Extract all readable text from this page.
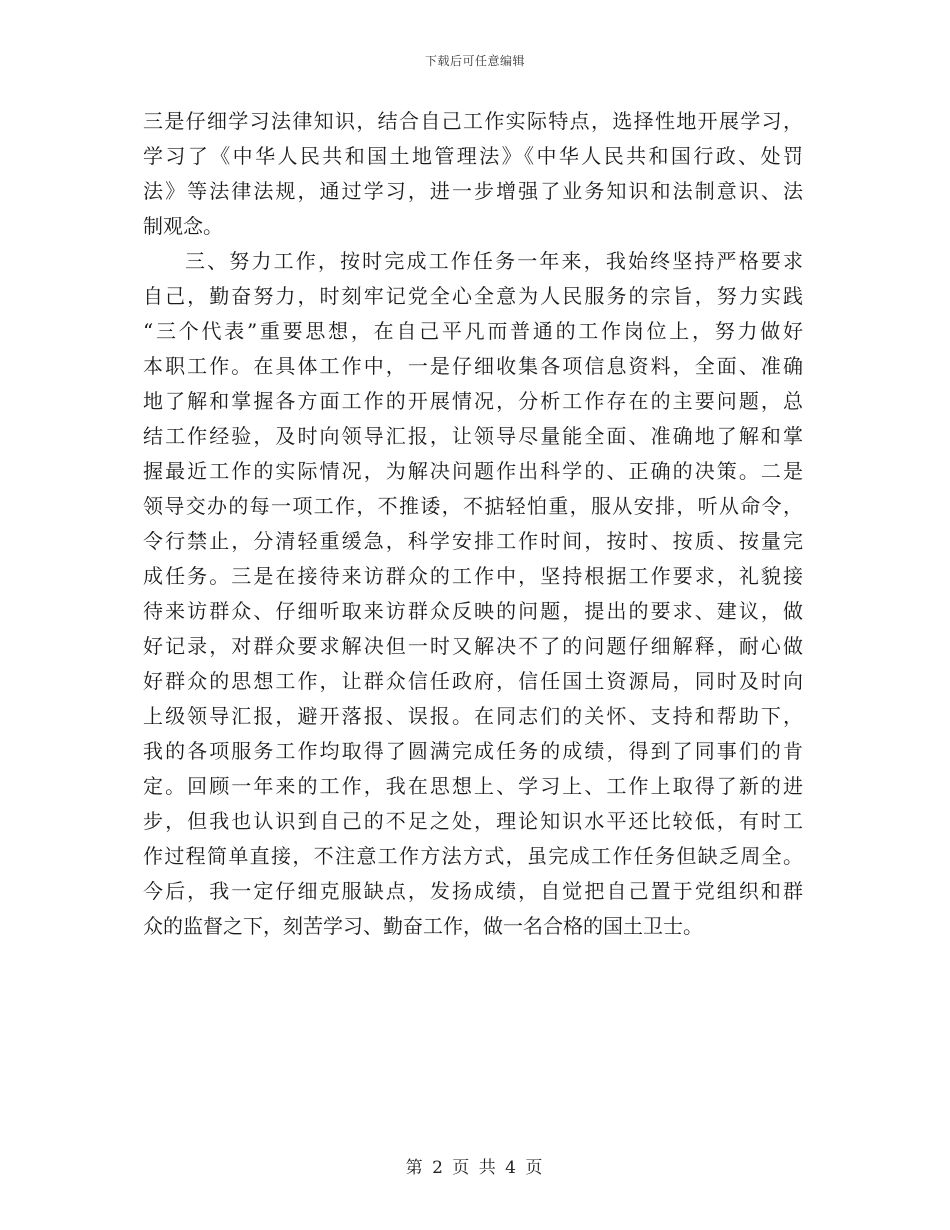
下载后可任意编辑
三是仔细学习法律知识，结合自己工作实际特点，选择性地开展学习，
学习了《中华人民共和国土地管理法》《中华人民共和国行政、处罚
法》等法律法规，通过学习，进一步增强了业务知识和法制意识、法
制观念。
三、努力工作，按时完成工作任务一年来，我始终坚持严格要求
自己，勤奋努力，时刻牢记党全心全意为人民服务的宗旨，努力实践
“三个代表”重要思想，在自己平凡而普通的工作岗位上，努力做好
本职工作。在具体工作中，一是仔细收集各项信息资料，全面、准确
地了解和掌握各方面工作的开展情况，分析工作存在的主要问题，总
结工作经验，及时向领导汇报，让领导尽量能全面、准确地了解和掌
握最近工作的实际情况，为解决问题作出科学的、正确的决策。二是
领导交办的每一项工作，不推诿，不掂轻怕重，服从安排，听从命令，
令行禁止，分清轻重缓急，科学安排工作时间，按时、按质、按量完
成任务。三是在接待来访群众的工作中，坚持根据工作要求，礼貌接
待来访群众、仔细听取来访群众反映的问题，提出的要求、建议，做
好记录，对群众要求解决但一时又解决不了的问题仔细解释，耐心做
好群众的思想工作，让群众信任政府，信任国土资源局，同时及时向
上级领导汇报，避开落报、误报。在同志们的关怀、支持和帮助下，
我的各项服务工作均取得了圆满完成任务的成绩，得到了同事们的肯
定。回顾一年来的工作，我在思想上、学习上、工作上取得了新的进
步，但我也认识到自己的不足之处，理论知识水平还比较低，有时工
作过程简单直接，不注意工作方法方式，虽完成工作任务但缺乏周全。
今后，我一定仔细克服缺点，发扬成绩，自觉把自己置于党组织和群
众的监督之下，刻苦学习、勤奋工作，做一名合格的国土卫士。
第 2 页 共 4 页
